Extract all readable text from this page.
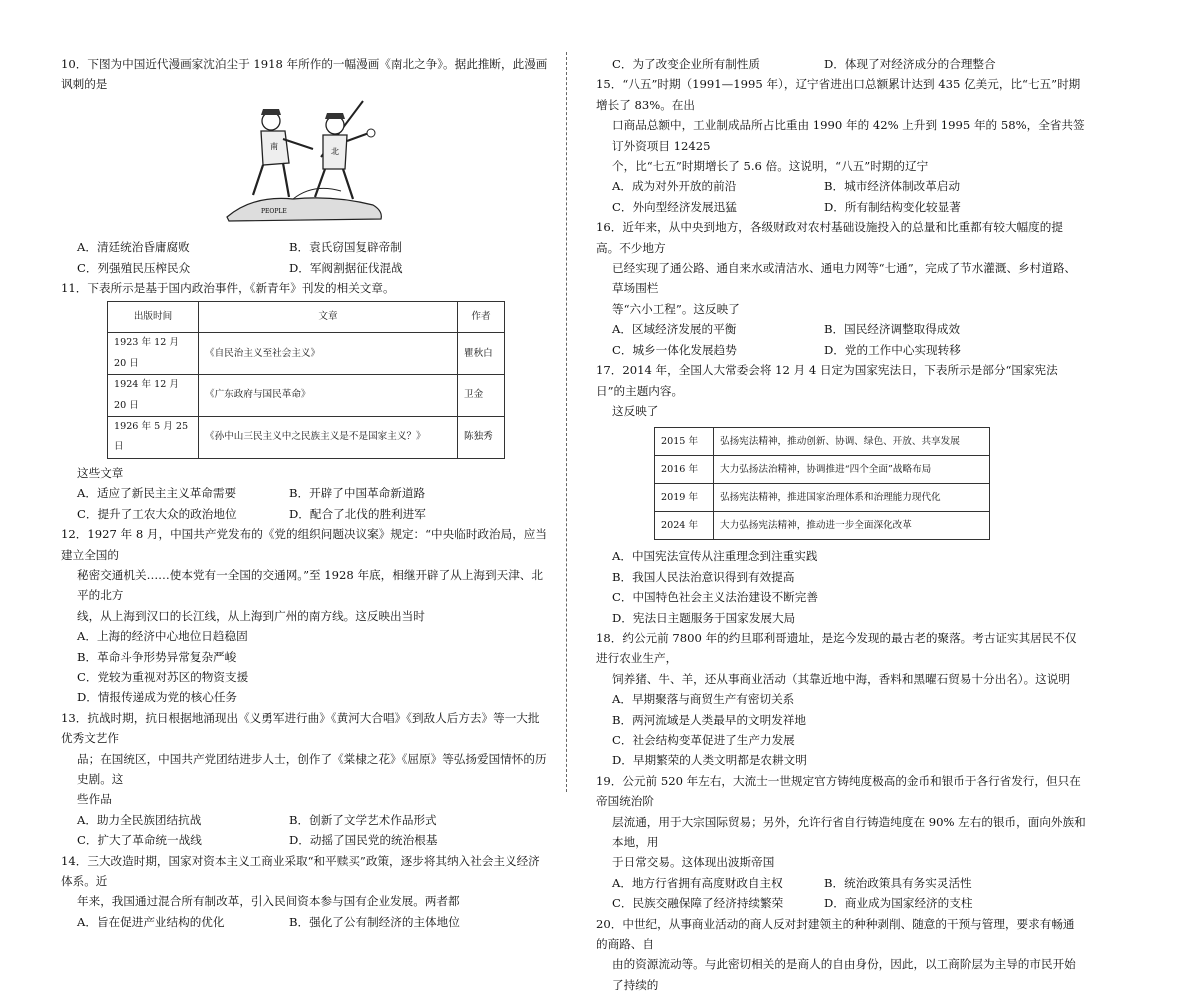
10．下图为中国近代漫画家沈泊尘于 1918 年所作的一幅漫画《南北之争》。据此推断，此漫画讽刺的是

南
北
PEOPLE
A．清廷统治昏庸腐败	B．袁氏窃国复辟帝制
C．列强殖民压榨民众	D．军阀割据征伐混战

11．下表所示是基于国内政治事件，《新青年》刊发的相关文章。

出版时间	文章	作者
1923 年 12 月 20 日	《自民治主义至社会主义》	瞿秋白
1924 年 12 月 20 日	《广东政府与国民革命》	卫金
1926 年 5 月 25 日	《孙中山三民主义中之民族主义是不是国家主义？》	陈独秀

这些文章

A．适应了新民主主义革命需要	B．开辟了中国革命新道路
C．提升了工农大众的政治地位	D．配合了北伐的胜利进军

12．1927 年 8 月，中国共产党发布的《党的组织问题决议案》规定：“中央临时政治局，应当建立全国的

秘密交通机关……使本党有一全国的交通网。”至 1928 年底，相继开辟了从上海到天津、北平的北方

线，从上海到汉口的长江线，从上海到广州的南方线。这反映出当时

A．上海的经济中心地位日趋稳固

B．革命斗争形势异常复杂严峻

C．党较为重视对苏区的物资支援

D．情报传递成为党的核心任务

13．抗战时期，抗日根据地涌现出《义勇军进行曲》《黄河大合唱》《到敌人后方去》等一大批优秀文艺作

品；在国统区，中国共产党团结进步人士，创作了《棠棣之花》《屈原》等弘扬爱国情怀的历史剧。这

些作品

A．助力全民族团结抗战	B．创新了文学艺术作品形式
C．扩大了革命统一战线	D．动摇了国民党的统治根基

14．三大改造时期，国家对资本主义工商业采取“和平赎买”政策，逐步将其纳入社会主义经济体系。近

年来，我国通过混合所有制改革，引入民间资本参与国有企业发展。两者都

A．旨在促进产业结构的优化	B．强化了公有制经济的主体地位
C．为了改变企业所有制性质	D．体现了对经济成分的合理整合

15．“八五”时期（1991—1995 年），辽宁省进出口总额累计达到 435 亿美元，比“七五”时期增长了 83%。在出

口商品总额中，工业制成品所占比重由 1990 年的 42% 上升到 1995 年的 58%，全省共签订外资项目 12425

个，比“七五”时期增长了 5.6 倍。这说明，“八五”时期的辽宁

A．成为对外开放的前沿	B．城市经济体制改革启动
C．外向型经济发展迅猛	D．所有制结构变化较显著

16．近年来，从中央到地方，各级财政对农村基础设施投入的总量和比重都有较大幅度的提高。不少地方

已经实现了通公路、通自来水或清洁水、通电力网等“七通”，完成了节水灌溉、乡村道路、草场围栏

等“六小工程”。这反映了

A．区域经济发展的平衡	B．国民经济调整取得成效
C．城乡一体化发展趋势	D．党的工作中心实现转移

17．2014 年，全国人大常委会将 12 月 4 日定为国家宪法日，下表所示是部分“国家宪法日”的主题内容。

这反映了

2015 年	弘扬宪法精神，推动创新、协调、绿色、开放、共享发展
2016 年	大力弘扬法治精神，协调推进“四个全面”战略布局
2019 年	弘扬宪法精神，推进国家治理体系和治理能力现代化
2024 年	大力弘扬宪法精神，推动进一步全面深化改革

A．中国宪法宣传从注重理念到注重实践

B．我国人民法治意识得到有效提高

C．中国特色社会主义法治建设不断完善

D．宪法日主题服务于国家发展大局

18．约公元前 7800 年的约旦耶利哥遗址，是迄今发现的最古老的聚落。考古证实其居民不仅进行农业生产，

饲养猪、牛、羊，还从事商业活动（其靠近地中海，香料和黑曜石贸易十分出名）。这说明

A．早期聚落与商贸生产有密切关系

B．两河流域是人类最早的文明发祥地

C．社会结构变革促进了生产力发展

D．早期繁荣的人类文明都是农耕文明

19．公元前 520 年左右，大流士一世规定官方铸纯度极高的金币和银币于各行省发行，但只在帝国统治阶

层流通，用于大宗国际贸易；另外，允许行省自行铸造纯度在 90% 左右的银币，面向外族和本地，用

于日常交易。这体现出波斯帝国

A．地方行省拥有高度财政自主权	B．统治政策具有务实灵活性
C．民族交融保障了经济持续繁荣	D．商业成为国家经济的支柱

20．中世纪，从事商业活动的商人反对封建领主的种种剥削、随意的干预与管理，要求有畅通的商路、自

由的资源流动等。与此密切相关的是商人的自由身份，因此，以工商阶层为主导的市民开始了持续的
